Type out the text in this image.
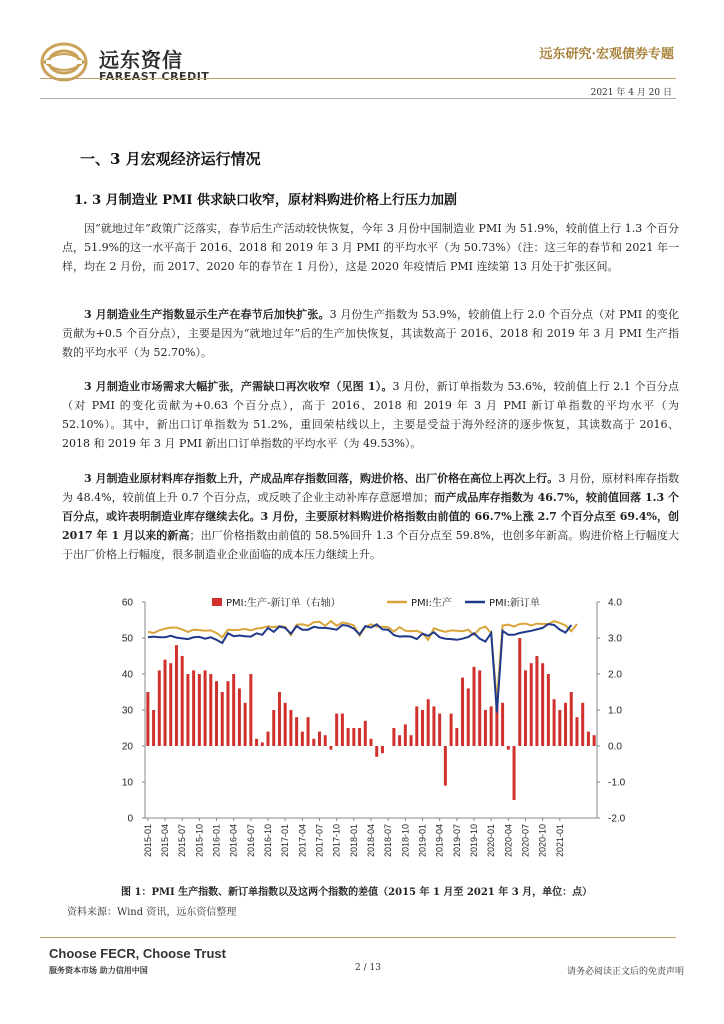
远东资信
FAREAST CREDIT
远东研究·宏观债券专题
2021 年 4 月 20 日
一、3 月宏观经济运行情况
1. 3 月制造业 PMI 供求缺口收窄，原材料购进价格上行压力加剧
因“就地过年”政策广泛落实，春节后生产活动较快恢复，今年 3 月份中国制造业 PMI 为 51.9%，较前值上行 1.3 个百分点，51.9%的这一水平高于 2016、2018 和 2019 年 3 月 PMI 的平均水平（为 50.73%）（注：这三年的春节和 2021 年一样，均在 2 月份，而 2017、2020 年的春节在 1 月份），这是 2020 年疫情后 PMI 连续第 13 月处于扩张区间。
3 月制造业生产指数显示生产在春节后加快扩张。3 月份生产指数为 53.9%，较前值上行 2.0 个百分点（对 PMI 的变化贡献为+0.5 个百分点），主要是因为“就地过年”后的生产加快恢复，其读数高于 2016、2018 和 2019 年 3 月 PMI 生产指数的平均水平（为 52.70%）。
3 月制造业市场需求大幅扩张，产需缺口再次收窄（见图 1）。3 月份，新订单指数为 53.6%，较前值上行 2.1 个百分点（对 PMI 的变化贡献为+0.63 个百分点），高于 2016、2018 和 2019 年 3 月 PMI 新订单指数的平均水平（为 52.10%）。其中，新出口订单指数为 51.2%，重回荣枯线以上，主要是受益于海外经济的逐步恢复，其读数高于 2016、2018 和 2019 年 3 月 PMI 新出口订单指数的平均水平（为 49.53%）。
3 月制造业原材料库存指数上升，产成品库存指数回落，购进价格、出厂价格在高位上再次上行。3 月份，原材料库存指数为 48.4%，较前值上升 0.7 个百分点，或反映了企业主动补库存意愿增加；而产成品库存指数为 46.7%，较前值回落 1.3 个百分点，或许表明制造业库存继续去化。3 月份，主要原材料购进价格指数由前值的 66.7%上涨 2.7 个百分点至 69.4%，创 2017 年 1 月以来的新高；出厂价格指数由前值的 58.5%回升 1.3 个百分点至 59.8%，也创多年新高。购进价格上行幅度大于出厂价格上行幅度，很多制造业企业面临的成本压力继续上升。
0
10
20
30
40
50
60
-2.0
-1.0
0.0
1.0
2.0
3.0
4.0
2015-01 2015-04 2015-07 2015-10 2016-01 2016-04 2016-07 2016-10 2017-01 2017-04 2017-07 2017-10 2018-01 2018-04 2018-07 2018-10 2019-01 2019-04 2019-07 2019-10 2020-01 2020-04 2020-07 2020-10 2021-01
PMI:生产-新订单（右轴）	PMI:生产	PMI:新订单
图 1：PMI 生产指数、新订单指数以及这两个指数的差值（2015 年 1 月至 2021 年 3 月，单位：点）
资料来源：Wind 资讯，远东资信整理
Choose FECR, Choose Trust
服务资本市场 助力信用中国	2 / 13	请务必阅读正文后的免责声明
